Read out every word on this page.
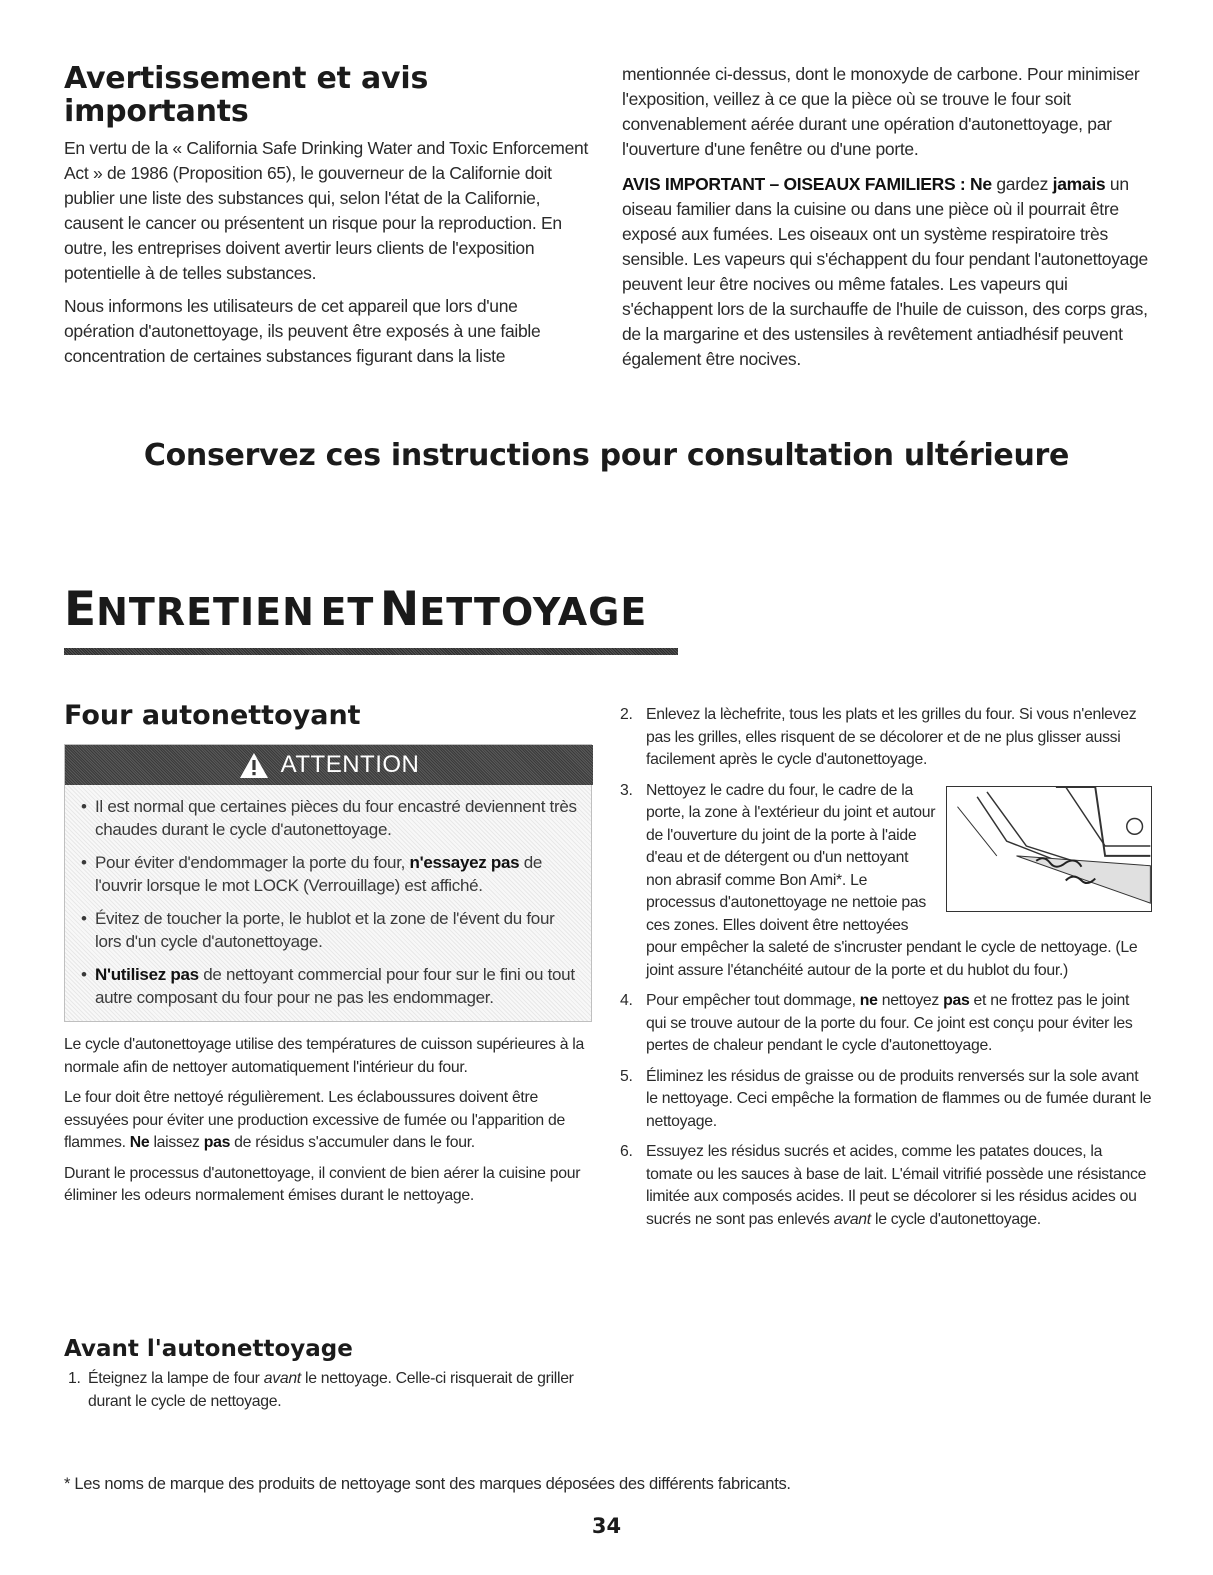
Avertissement et avis importants

En vertu de la « California Safe Drinking Water and Toxic Enforcement Act » de 1986 (Proposition 65), le gouverneur de la Californie doit publier une liste des substances qui, selon l'état de la Californie, causent le cancer ou présentent un risque pour la reproduction. En outre, les entreprises doivent avertir leurs clients de l'exposition potentielle à de telles substances.

Nous informons les utilisateurs de cet appareil que lors d'une opération d'autonettoyage, ils peuvent être exposés à une faible concentration de certaines substances figurant dans la liste

mentionnée ci-dessus, dont le monoxyde de carbone. Pour minimiser l'exposition, veillez à ce que la pièce où se trouve le four soit convenablement aérée durant une opération d'autonettoyage, par l'ouverture d'une fenêtre ou d'une porte.

AVIS IMPORTANT – OISEAUX FAMILIERS : Ne gardez jamais un oiseau familier dans la cuisine ou dans une pièce où il pourrait être exposé aux fumées. Les oiseaux ont un système respiratoire très sensible. Les vapeurs qui s'échappent du four pendant l'autonettoyage peuvent leur être nocives ou même fatales. Les vapeurs qui s'échappent lors de la surchauffe de l'huile de cuisson, des corps gras, de la margarine et des ustensiles à revêtement antiadhésif peuvent également être nocives.

Conservez ces instructions pour consultation ultérieure
ENTRETIEN ET NETTOYAGE
Four autonettoyant
ATTENTION
• Il est normal que certaines pièces du four encastré deviennent très chaudes durant le cycle d'autonettoyage.
• Pour éviter d'endommager la porte du four, n'essayez pas de l'ouvrir lorsque le mot LOCK (Verrouillage) est affiché.
• Évitez de toucher la porte, le hublot et la zone de l'évent du four lors d'un cycle d'autonettoyage.
• N'utilisez pas de nettoyant commercial pour four sur le fini ou tout autre composant du four pour ne pas les endommager.

Le cycle d'autonettoyage utilise des températures de cuisson supérieures à la normale afin de nettoyer automatiquement l'intérieur du four.

Le four doit être nettoyé régulièrement. Les éclaboussures doivent être essuyées pour éviter une production excessive de fumée ou l'apparition de flammes. Ne laissez pas de résidus s'accumuler dans le four.

Durant le processus d'autonettoyage, il convient de bien aérer la cuisine pour éliminer les odeurs normalement émises durant le nettoyage.

Avant l'autonettoyage
1. Éteignez la lampe de four avant le nettoyage. Celle-ci risquerait de griller durant le cycle de nettoyage.
2. Enlevez la lèchefrite, tous les plats et les grilles du four. Si vous n'enlevez pas les grilles, elles risquent de se décolorer et de ne plus glisser aussi facilement après le cycle d'autonettoyage.
3. Nettoyez le cadre du four, le cadre de la porte, la zone à l'extérieur du joint et autour de l'ouverture du joint de la porte à l'aide d'eau et de détergent ou d'un nettoyant non abrasif comme Bon Ami*. Le processus d'autonettoyage ne nettoie pas ces zones. Elles doivent être nettoyées pour empêcher la saleté de s'incruster pendant le cycle de nettoyage. (Le joint assure l'étanchéité autour de la porte et du hublot du four.)
4. Pour empêcher tout dommage, ne nettoyez pas et ne frottez pas le joint qui se trouve autour de la porte du four. Ce joint est conçu pour éviter les pertes de chaleur pendant le cycle d'autonettoyage.
5. Éliminez les résidus de graisse ou de produits renversés sur la sole avant le nettoyage. Ceci empêche la formation de flammes ou de fumée durant le nettoyage.
6. Essuyez les résidus sucrés et acides, comme les patates douces, la tomate ou les sauces à base de lait. L'émail vitrifié possède une résistance limitée aux composés acides. Il peut se décolorer si les résidus acides ou sucrés ne sont pas enlevés avant le cycle d'autonettoyage.
* Les noms de marque des produits de nettoyage sont des marques déposées des différents fabricants.
34
